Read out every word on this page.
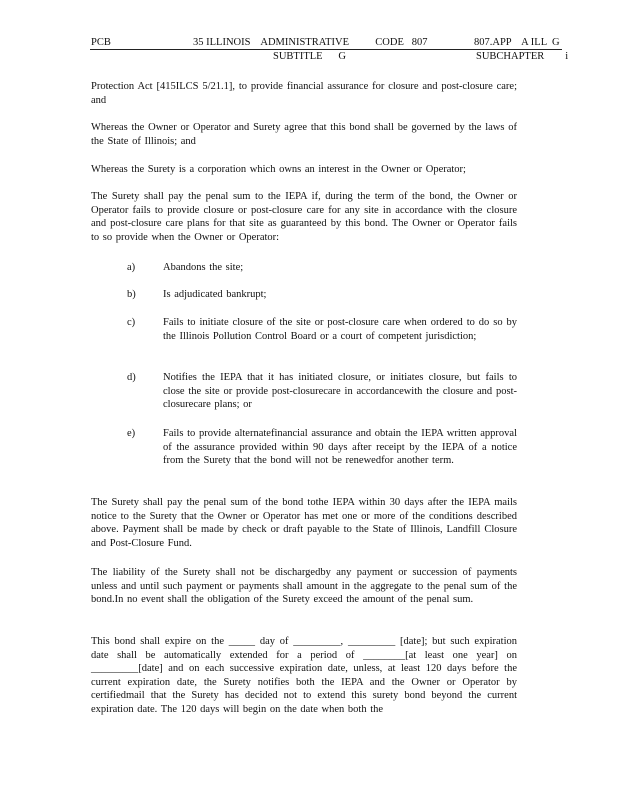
PCB	35 ILLINOIS    ADMINISTRATIVE          CODE   807	807.APP    A ILL  G
SUBTITLE      G	SUBCHAPTER        i

Protection Act [415ILCS 5/21.1], to provide financial assurance for closure and post-closure care; and

Whereas the Owner or Operator and Surety agree that this bond shall be governed by the laws of the State of Illinois; and

Whereas the Surety is a corporation which owns an interest in the Owner or Operator;

The Surety shall pay the penal sum to the IEPA if, during the term of the bond, the Owner or Operator fails to provide closure or post-closure care for any site in accordance with the closure and post-closure care plans for that site as guaranteed by this bond. The Owner or Operator fails to so provide when the Owner or Operator:

a)	Abandons the site;
b)	Is adjudicated bankrupt;
c)	Fails to initiate closure of the site or post-closure care when ordered to do so by the Illinois Pollution Control Board or a court of competent jurisdiction;
d)	Notifies the IEPA that it has initiated closure, or initiates closure, but fails to close the site or provide post-closurecare in accordancewith the closure and post-closurecare plans; or
e)	Fails to provide alternatefinancial assurance and obtain the IEPA written approval of the assurance provided within 90 days after receipt by the IEPA of a notice from the Surety that the bond will not be renewedfor another term.

The Surety shall pay the penal sum of the bond tothe IEPA within 30 days after the IEPA mails notice to the Surety that the Owner or Operator has met one or more of the conditions described above. Payment shall be made by check or draft payable to the State of Illinois, Landfill Closure and Post-Closure Fund.

The liability of the Surety shall not be dischargedby any payment or succession of payments unless and until such payment or payments shall amount in the aggregate to the penal sum of the bond.In no event shall the obligation of the Surety exceed the amount of the penal sum.

This bond shall expire on the _____ day of _________, _________ [date]; but such expiration date shall be automatically extended for a period of ________[at least one year] on _________[date] and on each successive expiration date, unless, at least 120 days before the current expiration date, the Surety notifies both the IEPA and the Owner or Operator by certifiedmail that the Surety has decided not to extend this surety bond beyond the current expiration date. The 120 days will begin on the date when both the
